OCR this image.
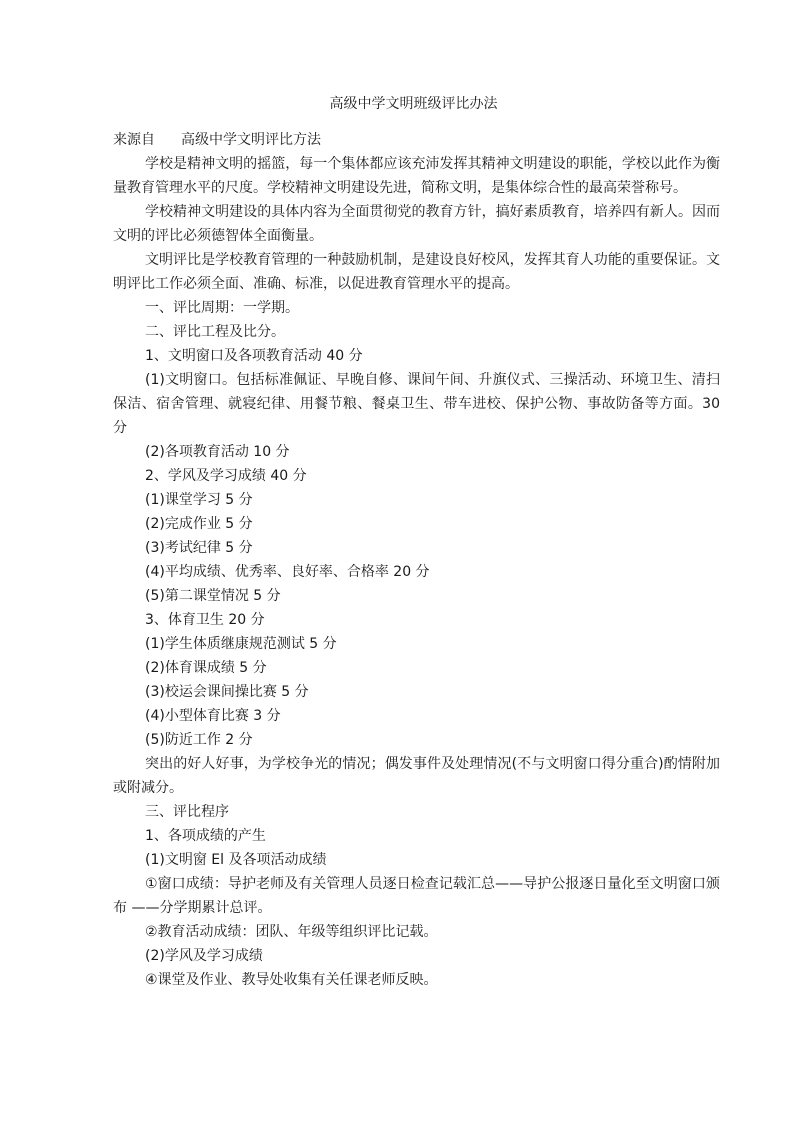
高级中学文明班级评比办法

来源自 高级中学文明评比方法

学校是精神文明的摇篮，每一个集体都应该充沛发挥其精神文明建设的职能，学校以此作为衡量教育管理水平的尺度。学校精神文明建设先进，简称文明，是集体综合性的最高荣誉称号。

学校精神文明建设的具体内容为全面贯彻党的教育方针，搞好素质教育，培养四有新人。因而文明的评比必须德智体全面衡量。

文明评比是学校教育管理的一种鼓励机制，是建设良好校风，发挥其育人功能的重要保证。文明评比工作必须全面、准确、标准，以促进教育管理水平的提高。

一、评比周期：一学期。

二、评比工程及比分。

1、文明窗口及各项教育活动 40 分

(1)文明窗口。包括标准佩证、早晚自修、课间午间、升旗仪式、三操活动、环境卫生、清扫保洁、宿舍管理、就寝纪律、用餐节粮、餐桌卫生、带车进校、保护公物、事故防备等方面。30 分

(2)各项教育活动 10 分

2、学风及学习成绩 40 分

(1)课堂学习 5 分

(2)完成作业 5 分

(3)考试纪律 5 分

(4)平均成绩、优秀率、良好率、合格率 20 分

(5)第二课堂情况 5 分

3、体育卫生 20 分

(1)学生体质继康规范测试 5 分

(2)体育课成绩 5 分

(3)校运会课间操比赛 5 分

(4)小型体育比赛 3 分

(5)防近工作 2 分

突出的好人好事，为学校争光的情况；偶发事件及处理情况(不与文明窗口得分重合)酌情附加或附减分。

三、评比程序

1、各项成绩的产生

(1)文明窗 El 及各项活动成绩

①窗口成绩：导护老师及有关管理人员逐日检查记载汇总——导护公报逐日量化至文明窗口颁布 ——分学期累计总评。

②教育活动成绩：团队、年级等组织评比记载。

(2)学风及学习成绩

④课堂及作业、教导处收集有关任课老师反映。
